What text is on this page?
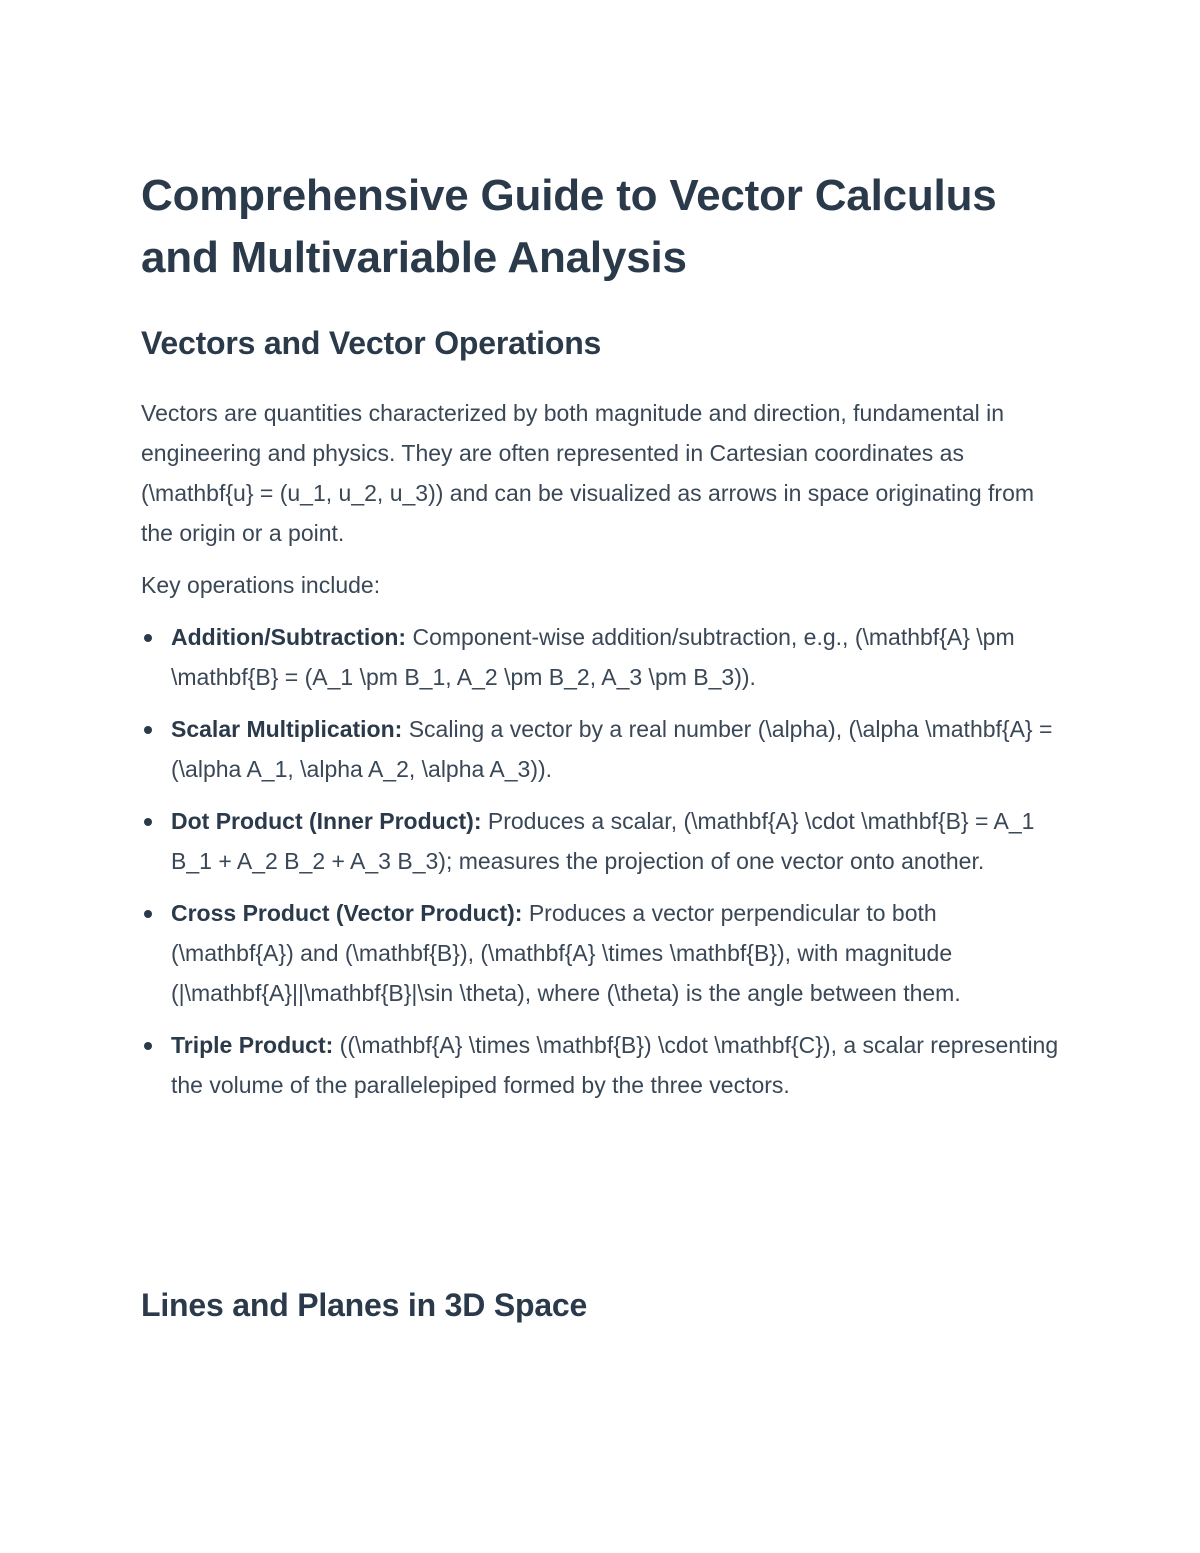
Comprehensive Guide to Vector Calculus and Multivariable Analysis
Vectors and Vector Operations

Vectors are quantities characterized by both magnitude and direction, fundamental in engineering and physics. They are often represented in Cartesian coordinates as (\mathbf{u} = (u_1, u_2, u_3)) and can be visualized as arrows in space originating from the origin or a point.

Key operations include:

Addition/Subtraction: Component-wise addition/subtraction, e.g., (\mathbf{A} \pm \mathbf{B} = (A_1 \pm B_1, A_2 \pm B_2, A_3 \pm B_3)).
Scalar Multiplication: Scaling a vector by a real number (\alpha), (\alpha \mathbf{A} = (\alpha A_1, \alpha A_2, \alpha A_3)).
Dot Product (Inner Product): Produces a scalar, (\mathbf{A} \cdot \mathbf{B} = A_1 B_1 + A_2 B_2 + A_3 B_3); measures the projection of one vector onto another.
Cross Product (Vector Product): Produces a vector perpendicular to both (\mathbf{A}) and (\mathbf{B}), (\mathbf{A} \times \mathbf{B}), with magnitude (|\mathbf{A}||\mathbf{B}|\sin \theta), where (\theta) is the angle between them.
Triple Product: ((\mathbf{A} \times \mathbf{B}) \cdot \mathbf{C}), a scalar representing the volume of the parallelepiped formed by the three vectors.
Lines and Planes in 3D Space
